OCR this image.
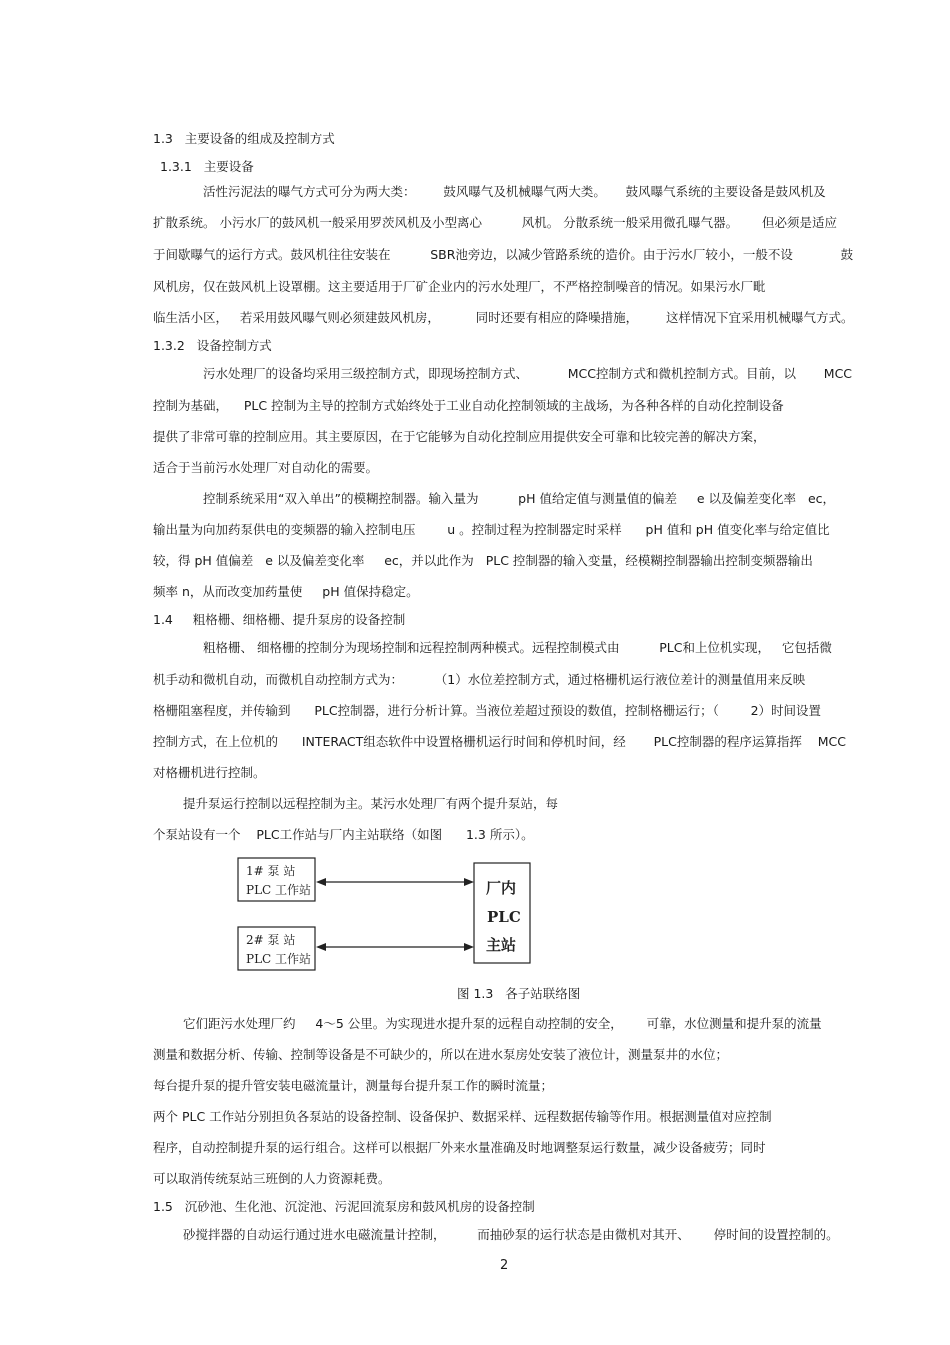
1.3   主要设备的组成及控制方式
1.3.1   主要设备
活性污泥法的曝气方式可分为两大类：       鼓风曝气及机械曝气两大类。     鼓风曝气系统的主要设备是鼓风机及
扩散系统。 小污水厂的鼓风机一般采用罗茨风机及小型离心          风机。 分散系统一般采用微孔曝气器。      但必须是适应
于间歇曝气的运行方式。鼓风机往往安装在          SBR池旁边，以减少管路系统的造价。由于污水厂较小，一般不设            鼓
风机房，仅在鼓风机上设罩棚。这主要适用于厂矿企业内的污水处理厂，不严格控制噪音的情况。如果污水厂毗
临生活小区，   若采用鼓风曝气则必须建鼓风机房，         同时还要有相应的降噪措施，       这样情况下宜采用机械曝气方式。
1.3.2   设备控制方式
污水处理厂的设备均采用三级控制方式，即现场控制方式、          MCC控制方式和微机控制方式。目前，以       MCC
控制为基础，    PLC 控制为主导的控制方式始终处于工业自动化控制领域的主战场，为各种各样的自动化控制设备
提供了非常可靠的控制应用。其主要原因，在于它能够为自动化控制应用提供安全可靠和比较完善的解决方案，
适合于当前污水处理厂对自动化的需要。
控制系统采用“双入单出”的模糊控制器。输入量为          pH 值给定值与测量值的偏差     e 以及偏差变化率   ec，
输出量为向加药泵供电的变频器的输入控制电压        u 。控制过程为控制器定时采样      pH 值和 pH 值变化率与给定值比
较，得 pH 值偏差   e 以及偏差变化率     ec，并以此作为   PLC 控制器的输入变量，经模糊控制器输出控制变频器输出
频率 n，从而改变加药量使     pH 值保持稳定。
1.4     粗格栅、细格栅、提升泵房的设备控制
粗格栅、 细格栅的控制分为现场控制和远程控制两种模式。远程控制模式由          PLC和上位机实现，   它包括微
机手动和微机自动，而微机自动控制方式为：        （1）水位差控制方式，通过格栅机运行液位差计的测量值用来反映
格栅阻塞程度，并传输到      PLC控制器，进行分析计算。当液位差超过预设的数值，控制格栅运行；（        2）时间设置
控制方式，在上位机的      INTERACT组态软件中设置格栅机运行时间和停机时间，经       PLC控制器的程序运算指挥    MCC
对格栅机进行控制。
提升泵运行控制以远程控制为主。某污水处理厂有两个提升泵站，每
个泵站设有一个    PLC工作站与厂内主站联络（如图      1.3 所示）。
1# 泵 站
PLC 工作站
2# 泵 站
PLC 工作站
厂内
PLC
主站
图 1.3   各子站联络图
它们距污水处理厂约     4～5 公里。为实现进水提升泵的远程自动控制的安全，      可靠，水位测量和提升泵的流量
测量和数据分析、传输、控制等设备是不可缺少的，所以在进水泵房处安装了液位计，测量泵井的水位；
每台提升泵的提升管安装电磁流量计，测量每台提升泵工作的瞬时流量；
两个 PLC 工作站分别担负各泵站的设备控制、设备保护、数据采样、远程数据传输等作用。根据测量值对应控制
程序，自动控制提升泵的运行组合。这样可以根据厂外来水量准确及时地调整泵运行数量，减少设备疲劳；同时
可以取消传统泵站三班倒的人力资源耗费。
1.5   沉砂池、生化池、沉淀池、污泥回流泵房和鼓风机房的设备控制
砂搅拌器的自动运行通过进水电磁流量计控制，        而抽砂泵的运行状态是由微机对其开、      停时间的设置控制的。
2
